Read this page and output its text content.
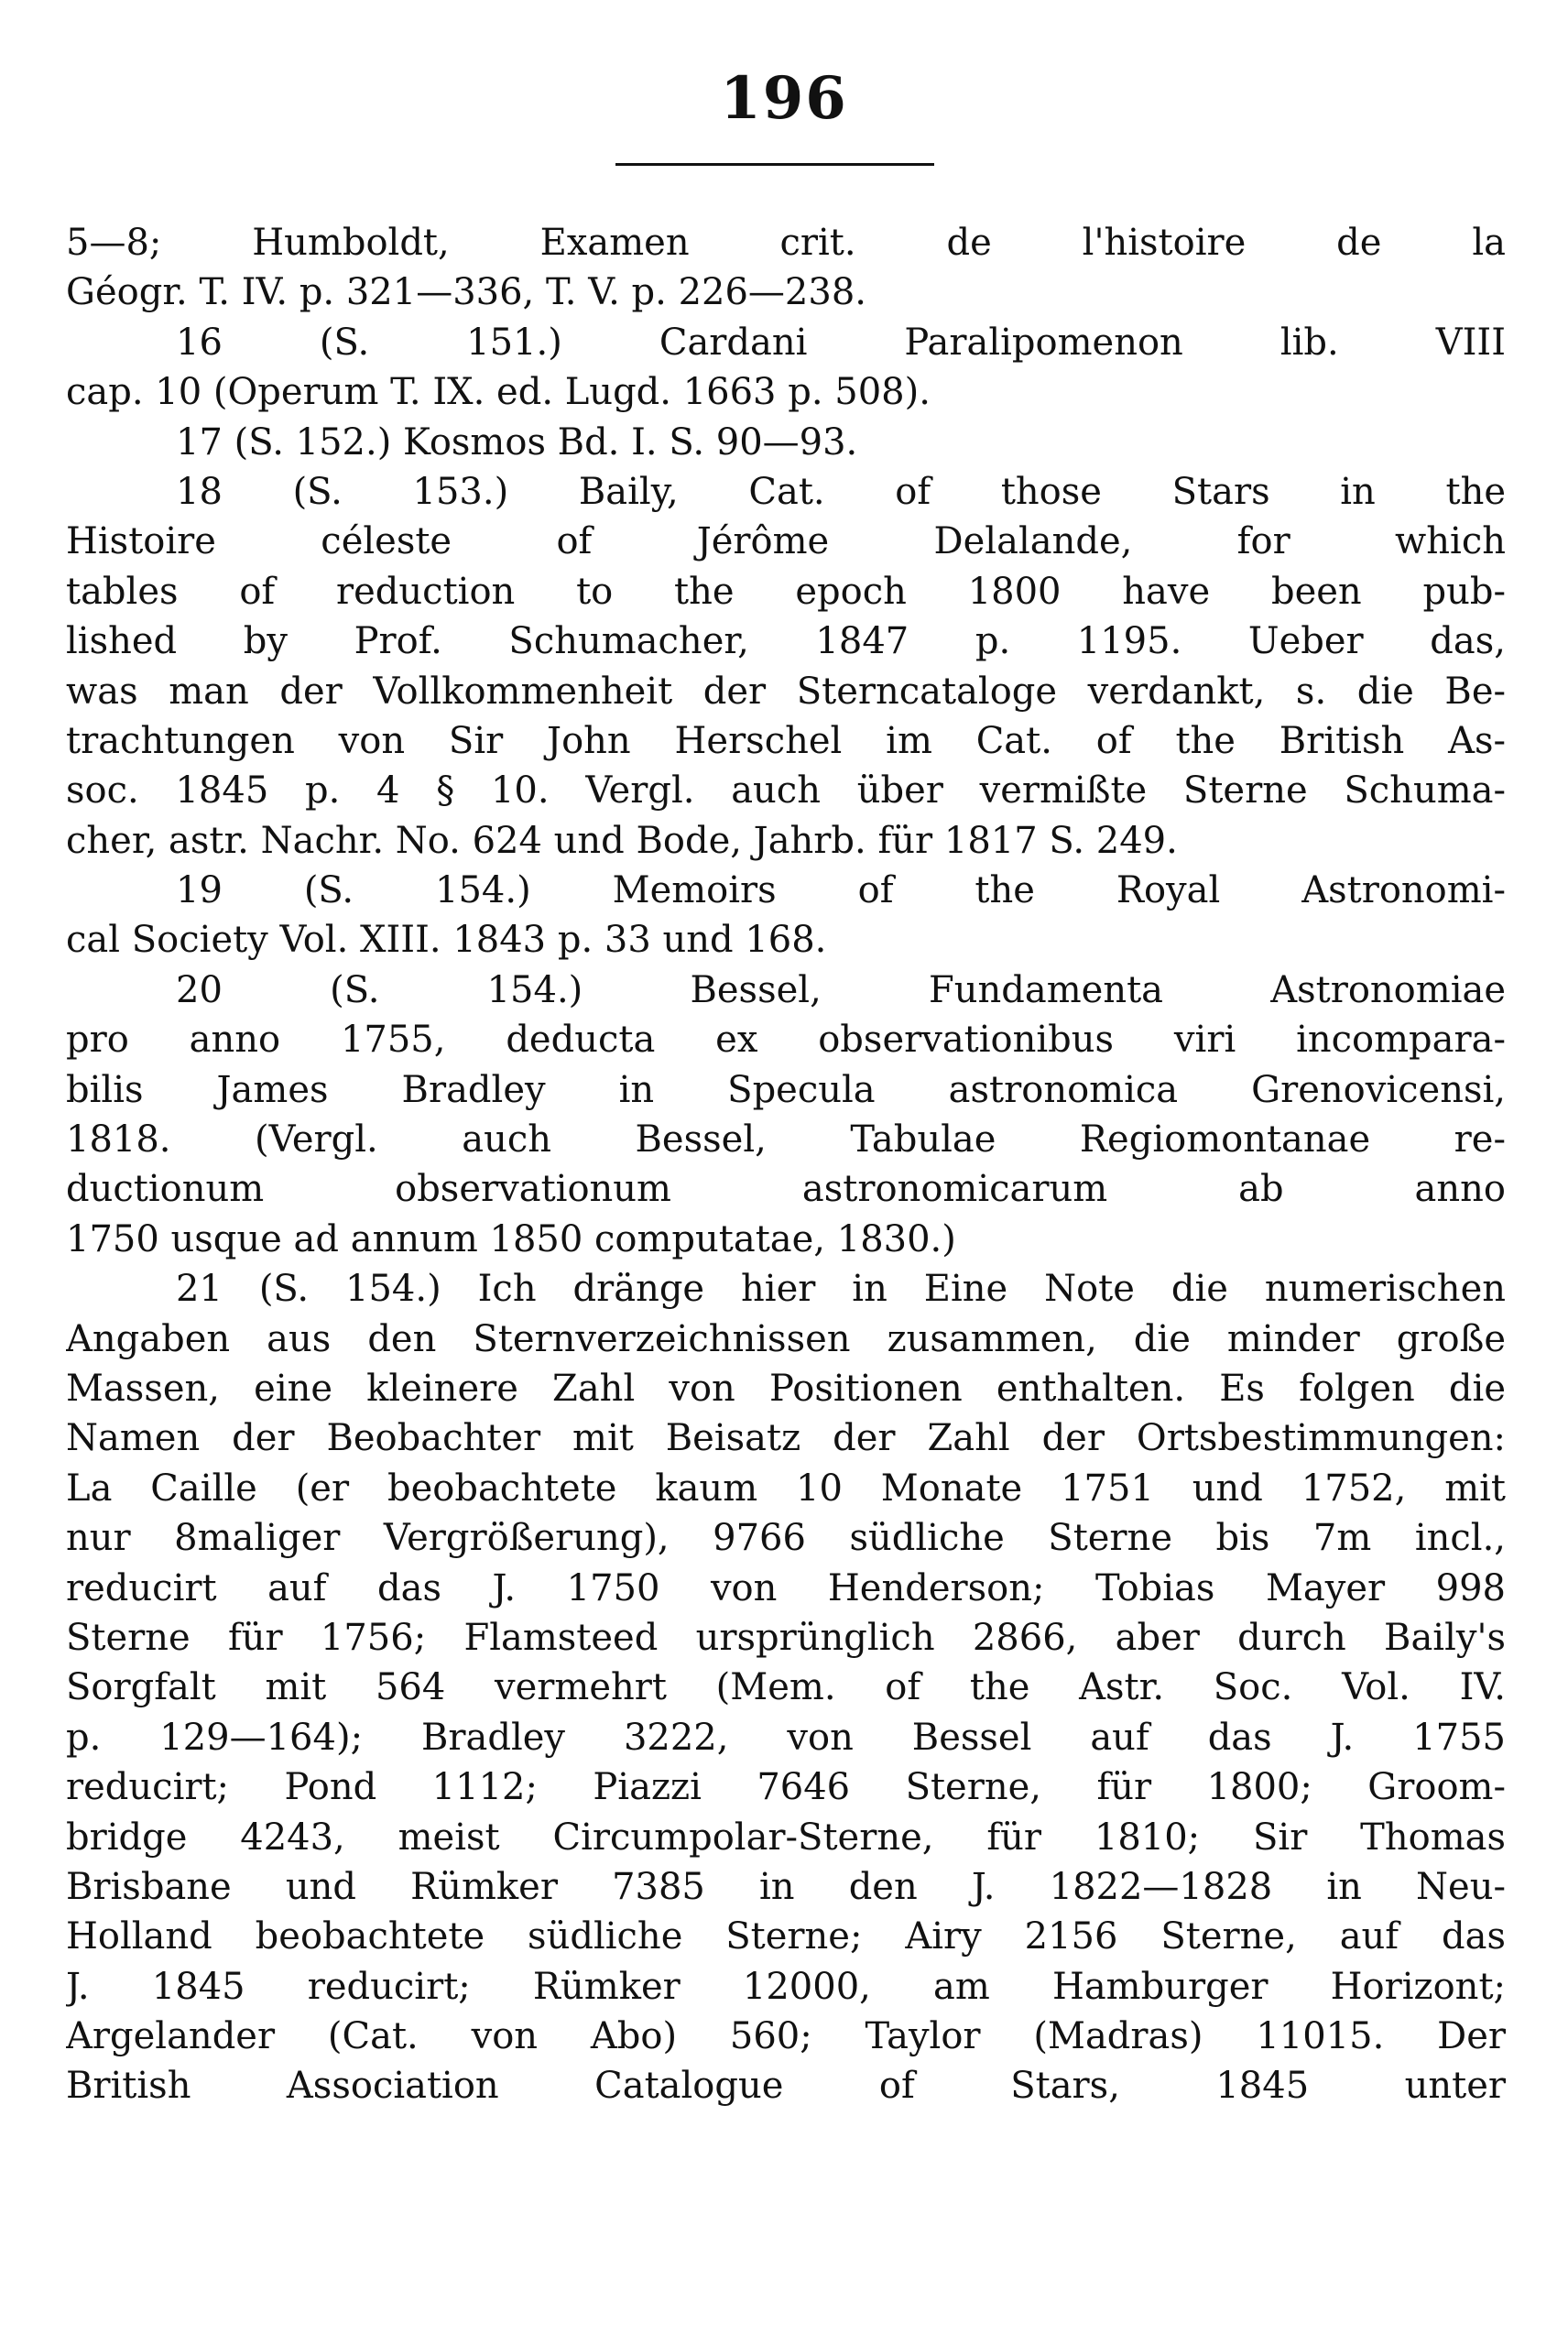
196
5—8; Humboldt, Examen crit. de l'histoire de la
Géogr. T. IV. p. 321—336, T. V. p. 226—238.
16 (S. 151.) Cardani Paralipomenon lib. VIII
cap. 10 (Operum T. IX. ed. Lugd. 1663 p. 508).
17 (S. 152.) Kosmos Bd. I. S. 90—93.
18 (S. 153.) Baily, Cat. of those Stars in the
Histoire céleste of Jérôme Delalande, for which
tables of reduction to the epoch 1800 have been pub-
lished by Prof. Schumacher, 1847 p. 1195. Ueber das,
was man der Vollkommenheit der Sterncataloge verdankt, s. die Be-
trachtungen von Sir John Herschel im Cat. of the British As-
soc. 1845 p. 4 § 10. Vergl. auch über vermißte Sterne Schuma-
cher, astr. Nachr. No. 624 und Bode, Jahrb. für 1817 S. 249.
19 (S. 154.) Memoirs of the Royal Astronomi-
cal Society Vol. XIII. 1843 p. 33 und 168.
20 (S. 154.) Bessel, Fundamenta Astronomiae
pro anno 1755, deducta ex observationibus viri incompara-
bilis James Bradley in Specula astronomica Grenovicensi,
1818. (Vergl. auch Bessel, Tabulae Regiomontanae re-
ductionum observationum astronomicarum ab anno
1750 usque ad annum 1850 computatae, 1830.)
21 (S. 154.) Ich dränge hier in Eine Note die numerischen
Angaben aus den Sternverzeichnissen zusammen, die minder große
Massen, eine kleinere Zahl von Positionen enthalten. Es folgen die
Namen der Beobachter mit Beisatz der Zahl der Ortsbestimmungen:
La Caille (er beobachtete kaum 10 Monate 1751 und 1752, mit
nur 8maliger Vergrößerung), 9766 südliche Sterne bis 7m incl.,
reducirt auf das J. 1750 von Henderson; Tobias Mayer 998
Sterne für 1756; Flamsteed ursprünglich 2866, aber durch Baily's
Sorgfalt mit 564 vermehrt (Mem. of the Astr. Soc. Vol. IV.
p. 129—164); Bradley 3222, von Bessel auf das J. 1755
reducirt; Pond 1112; Piazzi 7646 Sterne, für 1800; Groom-
bridge 4243, meist Circumpolar-Sterne, für 1810; Sir Thomas
Brisbane und Rümker 7385 in den J. 1822—1828 in Neu-
Holland beobachtete südliche Sterne; Airy 2156 Sterne, auf das
J. 1845 reducirt; Rümker 12000, am Hamburger Horizont;
Argelander (Cat. von Abo) 560; Taylor (Madras) 11015. Der
British Association Catalogue of Stars, 1845 unter
